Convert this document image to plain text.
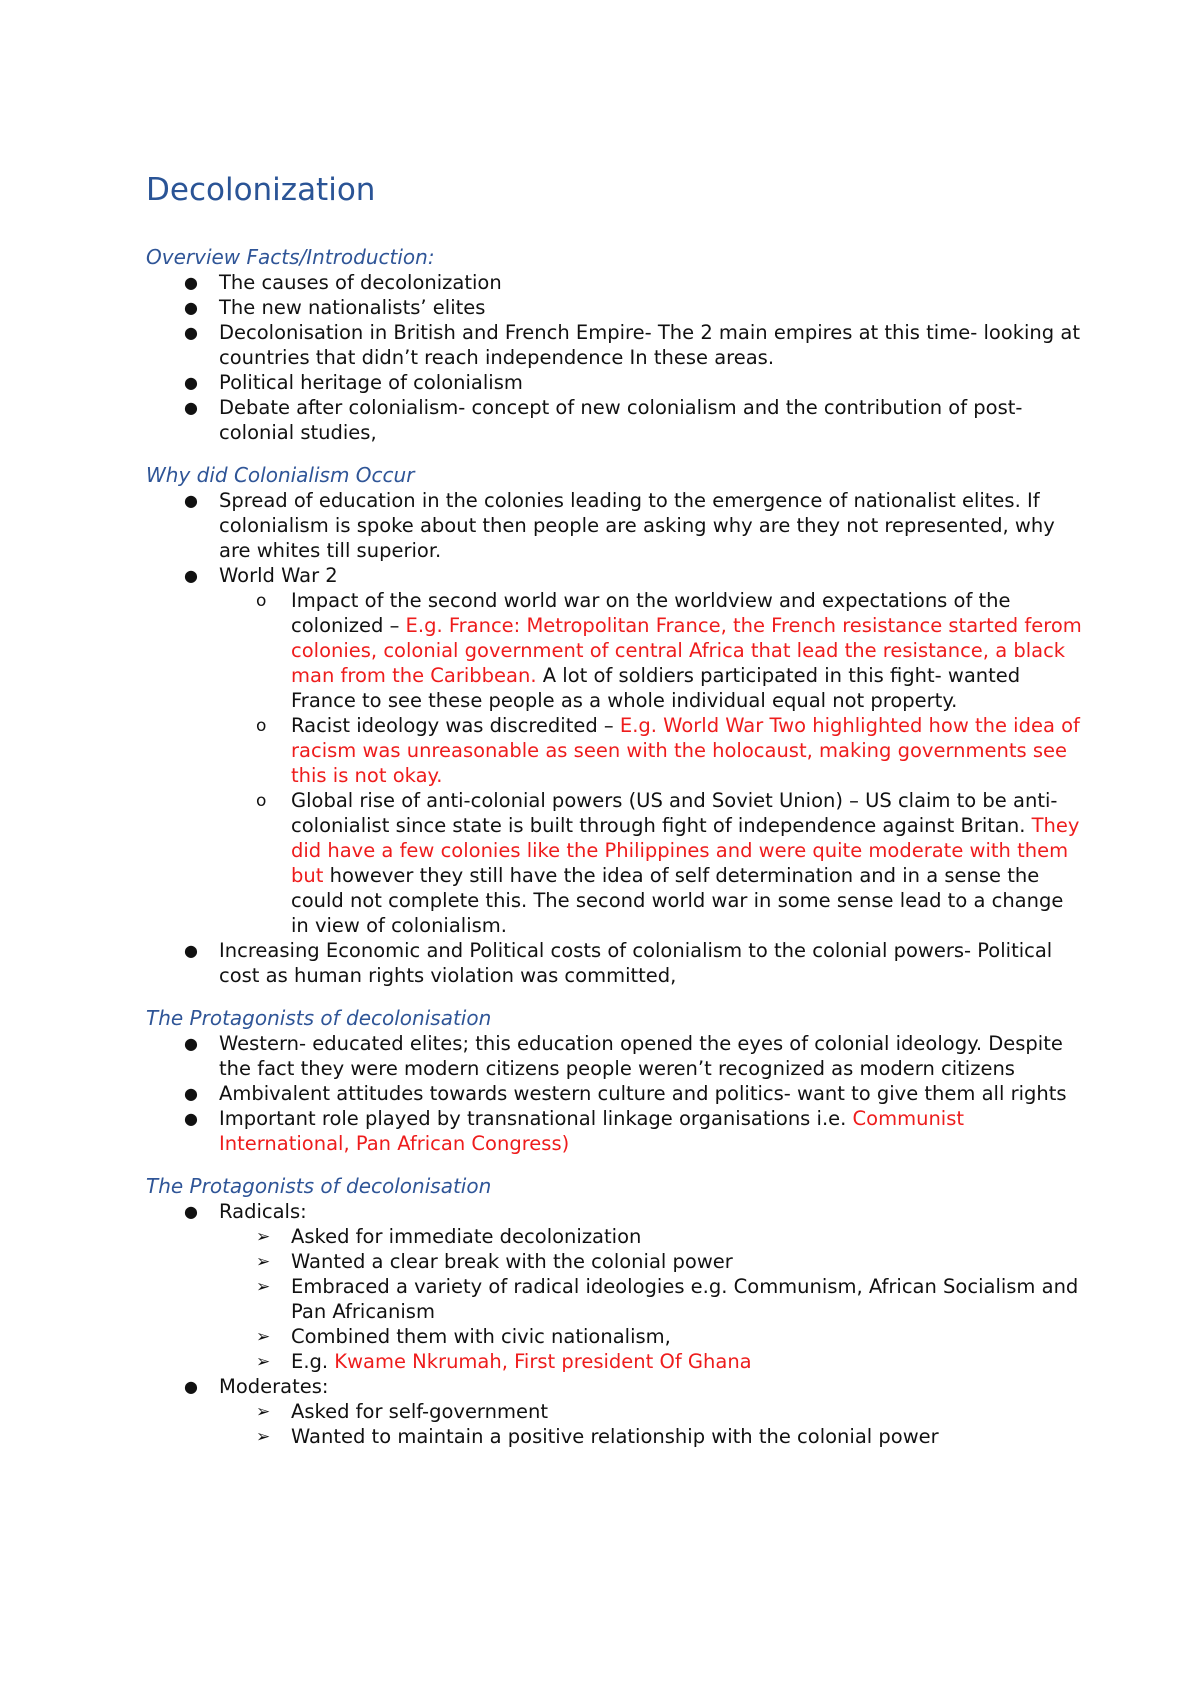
Decolonization
Overview Facts/Introduction:
● The causes of decolonization
● The new nationalists’ elites
● Decolonisation in British and French Empire- The 2 main empires at this time- looking at countries that didn’t reach independence In these areas.
● Political heritage of colonialism
● Debate after colonialism- concept of new colonialism and the contribution of post-colonial studies,
Why did Colonialism Occur
● Spread of education in the colonies leading to the emergence of nationalist elites. If colonialism is spoke about then people are asking why are they not represented, why are whites till superior.
● World War 2
o Impact of the second world war on the worldview and expectations of the colonized – E.g. France: Metropolitan France, the French resistance started ferom colonies, colonial government of central Africa that lead the resistance, a black man from the Caribbean. A lot of soldiers participated in this fight- wanted France to see these people as a whole individual equal not property.
o Racist ideology was discredited – E.g. World War Two highlighted how the idea of racism was unreasonable as seen with the holocaust, making governments see this is not okay.
o Global rise of anti-colonial powers (US and Soviet Union) – US claim to be anti-colonialist since state is built through fight of independence against Britan. They did have a few colonies like the Philippines and were quite moderate with them but however they still have the idea of self determination and in a sense the could not complete this. The second world war in some sense lead to a change in view of colonialism.
● Increasing Economic and Political costs of colonialism to the colonial powers- Political cost as human rights violation was committed,
The Protagonists of decolonisation
● Western- educated elites; this education opened the eyes of colonial ideology. Despite the fact they were modern citizens people weren’t recognized as modern citizens
● Ambivalent attitudes towards western culture and politics- want to give them all rights
● Important role played by transnational linkage organisations i.e. Communist International, Pan African Congress)
The Protagonists of decolonisation
● Radicals:
➢ Asked for immediate decolonization
➢ Wanted a clear break with the colonial power
➢ Embraced a variety of radical ideologies e.g. Communism, African Socialism and Pan Africanism
➢ Combined them with civic nationalism,
➢ E.g. Kwame Nkrumah, First president Of Ghana
● Moderates:
➢ Asked for self-government
➢ Wanted to maintain a positive relationship with the colonial power
